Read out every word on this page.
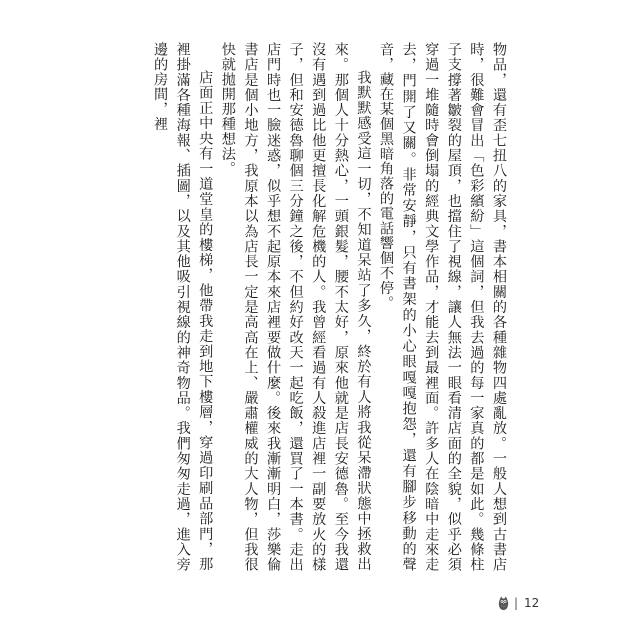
物品，還有歪七扭八的家具，書本相關的各種雜物四處亂放。一般人想到古書店時，很難會冒出「色彩繽紛」這個詞，但我去過的每一家真的都是如此。幾條柱子支撐著皺裂的屋頂，也擋住了視線，讓人無法一眼看清店面的全貌，似乎必須穿過一堆隨時會倒塌的經典文學作品，才能去到最裡面。許多人在陰暗中走來走去，門開了又關。非常安靜，只有書架的小心眼嘎嘎抱怨，還有腳步移動的聲音，藏在某個黑暗角落的電話響個不停。

我默默感受這一切，不知道呆站了多久，終於有人將我從呆滯狀態中拯救出來。那個人十分熱心，一頭銀髮，腰不太好，原來他就是店長安德魯。至今我還沒有遇到過比他更擅長化解危機的人。我曾經看過有人殺進店裡一副要放火的樣子，但和安德魯聊個三分鐘之後，不但約好改天一起吃飯，還買了一本書。走出店門時也一臉迷惑，似乎想不起原本來店裡要做什麼。後來我漸漸明白，莎樂倫書店是個小地方，我原本以為店長一定是高高在上、嚴肅權威的大人物，但我很快就拋開那種想法。

店面正中央有一道堂皇的樓梯，他帶我走到地下樓層，穿過印刷品部門，那裡掛滿各種海報、插圖，以及其他吸引視線的神奇物品。我們匆匆走過，進入旁邊的房間，裡

| 12
